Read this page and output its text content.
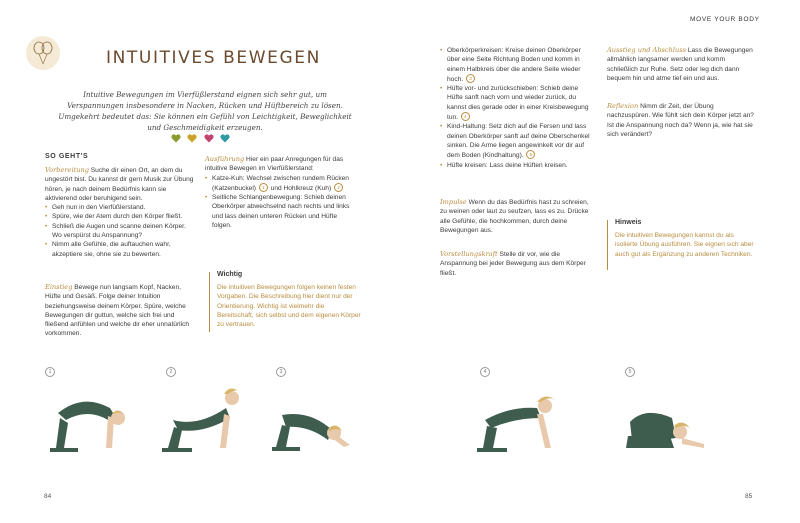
MOVE YOUR BODY
INTUITIVES BEWEGEN
Intuitive Bewegungen im Vierfüßlerstand eignen sich sehr gut, um Verspannungen insbesondere in Nacken, Rücken und Hüftbereich zu lösen. Umgekehrt bedeutet das: Sie können ein Gefühl von Leichtigkeit, Beweglichkeit und Geschmeidigkeit erzeugen.

SO GEHT'S
Vorbereitung Suche dir einen Ort, an dem du ungestört bist. Du kannst dir gern Musik zur Übung hören, je nach deinem Bedürfnis kann sie aktivierend oder beruhigend sein.
• Geh nun in den Vierfüßlerstand.
• Spüre, wie der Atem durch den Körper fließt.
• Schließ die Augen und scanne deinen Körper. Wo verspürst du Anspannung?
• Nimm alle Gefühle, die auftauchen wahr, akzeptiere sie, ohne sie zu bewerten.
Einstieg Bewege nun langsam Kopf, Nacken, Hüfte und Gesäß. Folge deiner Intuition beziehungsweise deinem Körper. Spüre, welche Bewegungen dir guttun, welche sich frei und fließend anfühlen und welche dir eher unnatürlich vorkommen.
Ausführung Hier ein paar Anregungen für das intuitive Bewegen im Vierfüßlerstand:
• Katze-Kuh: Wechsel zwischen rundem Rücken (Katzenbuckel) 1 und Hohlkreuz (Kuh) 2
• Seitliche Schlangenbewegung: Schieb deinen Oberkörper abwechselnd nach rechts und links und lass deinen unteren Rücken und Hüfte folgen.
Wichtig
Die intuitiven Bewegungen folgen keinen festen Vorgaben. Die Beschreibung hier dient nur der Orientierung. Wichtig ist vielmehr die Bereitschaft, sich selbst und dem eigenen Körper zu vertrauen.
• Oberkörperkreisen: Kreise deinen Oberkörper über eine Seite Richtung Boden und komm in einem Halbkreis über die andere Seite wieder hoch. 3
• Hüfte vor- und zurückschieben: Schieb deine Hüfte sanft nach vorn und wieder zurück, du kannst dies gerade oder in einer Kreisbewegung tun. 4
• Kind-Haltung: Setz dich auf die Fersen und lass deinen Oberkörper sanft auf deine Oberschenkel sinken. Die Arme liegen angewinkelt vor dir auf dem Boden (Kindhaltung). 5
• Hüfte kreisen: Lass deine Hüften kreisen.
Impulse Wenn du das Bedürfnis hast zu schreien, zu weinen oder laut zu seufzen, lass es zu. Drücke alle Gefühle, die hochkommen, durch deine Bewegungen aus.
Vorstellungskraft Stelle dir vor, wie die Anspannung bei jeder Bewegung aus dem Körper fließt.
Ausstieg und Abschluss Lass die Bewegungen allmählich langsamer werden und komm schließlich zur Ruhe. Setz oder leg dich dann bequem hin und atme tief ein und aus.
Reflexion Nimm dir Zeit, der Übung nachzuspüren. Wie fühlt sich dein Körper jetzt an? Ist die Anspannung noch da? Wenn ja, wie hat sie sich verändert?
Hinweis
Die intuitiven Bewegungen kannst du als isolierte Übung ausführen. Sie eignen sich aber auch gut als Ergänzung zu anderen Techniken.
1	2	3	4	5
84	85
